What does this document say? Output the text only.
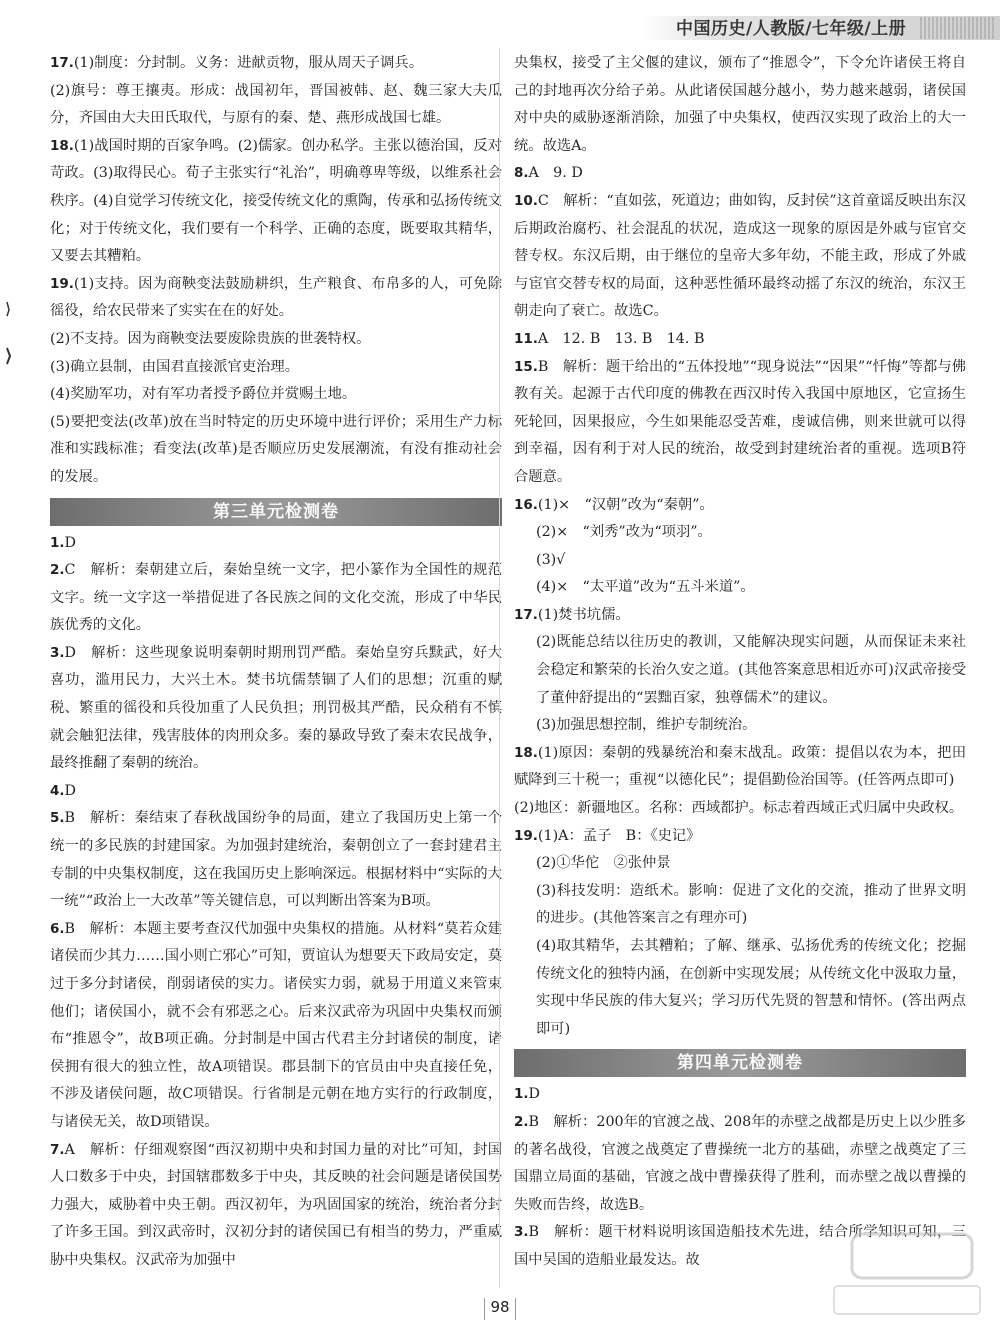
中国历史/人教版/七年级/上册

17.(1)制度：分封制。义务：进献贡物，服从周天子调兵。

(2)旗号：尊王攘夷。形成：战国初年，晋国被韩、赵、魏三家大夫瓜分，齐国由大夫田氏取代，与原有的秦、楚、燕形成战国七雄。

18.(1)战国时期的百家争鸣。(2)儒家。创办私学。主张以德治国，反对苛政。(3)取得民心。荀子主张实行“礼治”，明确尊卑等级，以维系社会秩序。(4)自觉学习传统文化，接受传统文化的熏陶，传承和弘扬传统文化；对于传统文化，我们要有一个科学、正确的态度，既要取其精华，又要去其糟粕。

19.(1)支持。因为商鞅变法鼓励耕织，生产粮食、布帛多的人，可免除徭役，给农民带来了实实在在的好处。

(2)不支持。因为商鞅变法要废除贵族的世袭特权。

(3)确立县制，由国君直接派官吏治理。

(4)奖励军功，对有军功者授予爵位并赏赐土地。

(5)要把变法(改革)放在当时特定的历史环境中进行评价；采用生产力标准和实践标准；看变法(改革)是否顺应历史发展潮流，有没有推动社会的发展。

第三单元检测卷

1.D

2.C　解析：秦朝建立后，秦始皇统一文字，把小篆作为全国性的规范文字。统一文字这一举措促进了各民族之间的文化交流，形成了中华民族优秀的文化。

3.D　解析：这些现象说明秦朝时期刑罚严酷。秦始皇穷兵黩武，好大喜功，滥用民力，大兴土木。焚书坑儒禁锢了人们的思想；沉重的赋税、繁重的徭役和兵役加重了人民负担；刑罚极其严酷，民众稍有不慎就会触犯法律，残害肢体的肉刑众多。秦的暴政导致了秦末农民战争，最终推翻了秦朝的统治。

4.D

5.B　解析：秦结束了春秋战国纷争的局面，建立了我国历史上第一个统一的多民族的封建国家。为加强封建统治，秦朝创立了一套封建君主专制的中央集权制度，这在我国历史上影响深远。根据材料中“实际的大一统”“政治上一大改革”等关键信息，可以判断出答案为B项。

6.B　解析：本题主要考查汉代加强中央集权的措施。从材料“莫若众建诸侯而少其力……国小则亡邪心”可知，贾谊认为想要天下政局安定，莫过于多分封诸侯，削弱诸侯的实力。诸侯实力弱，就易于用道义来管束他们；诸侯国小，就不会有邪恶之心。后来汉武帝为巩固中央集权而颁布“推恩令”，故B项正确。分封制是中国古代君主分封诸侯的制度，诸侯拥有很大的独立性，故A项错误。郡县制下的官员由中央直接任免，不涉及诸侯问题，故C项错误。行省制是元朝在地方实行的行政制度，与诸侯无关，故D项错误。

7.A　解析：仔细观察图“西汉初期中央和封国力量的对比”可知，封国人口数多于中央，封国辖郡数多于中央，其反映的社会问题是诸侯国势力强大，威胁着中央王朝。西汉初年，为巩固国家的统治，统治者分封了许多王国。到汉武帝时，汉初分封的诸侯国已有相当的势力，严重威胁中央集权。汉武帝为加强中

央集权，接受了主父偃的建议，颁布了“推恩令”，下令允许诸侯王将自己的封地再次分给子弟。从此诸侯国越分越小，势力越来越弱，诸侯国对中央的威胁逐渐消除，加强了中央集权，使西汉实现了政治上的大一统。故选A。

8.A　9. D

10.C　解析：“直如弦，死道边；曲如钩，反封侯”这首童谣反映出东汉后期政治腐朽、社会混乱的状况，造成这一现象的原因是外戚与宦官交替专权。东汉后期，由于继位的皇帝大多年幼，不能主政，形成了外戚与宦官交替专权的局面，这种恶性循环最终动摇了东汉的统治，东汉王朝走向了衰亡。故选C。

11.A　12. B　13. B　14. B

15.B　解析：题干给出的“五体投地”“现身说法”“因果”“忏悔”等都与佛教有关。起源于古代印度的佛教在西汉时传入我国中原地区，它宣扬生死轮回，因果报应，今生如果能忍受苦难，虔诚信佛，则来世就可以得到幸福，因有利于对人民的统治，故受到封建统治者的重视。选项B符合题意。

16.(1)×　“汉朝”改为“秦朝”。

(2)×　“刘秀”改为“项羽”。

(3)√

(4)×　“太平道”改为“五斗米道”。

17.(1)焚书坑儒。

(2)既能总结以往历史的教训，又能解决现实问题，从而保证未来社会稳定和繁荣的长治久安之道。(其他答案意思相近亦可)汉武帝接受了董仲舒提出的“罢黜百家，独尊儒术”的建议。

(3)加强思想控制，维护专制统治。

18.(1)原因：秦朝的残暴统治和秦末战乱。政策：提倡以农为本，把田赋降到三十税一；重视“以德化民”；提倡勤俭治国等。(任答两点即可)

(2)地区：新疆地区。名称：西域都护。标志着西域正式归属中央政权。

19.(1)A：孟子　B：《史记》

(2)①华佗　②张仲景

(3)科技发明：造纸术。影响：促进了文化的交流，推动了世界文明的进步。(其他答案言之有理亦可)

(4)取其精华，去其糟粕；了解、继承、弘扬优秀的传统文化；挖掘传统文化的独特内涵，在创新中实现发展；从传统文化中汲取力量，实现中华民族的伟大复兴；学习历代先贤的智慧和情怀。(答出两点即可)

第四单元检测卷

1.D

2.B　解析：200年的官渡之战、208年的赤壁之战都是历史上以少胜多的著名战役，官渡之战奠定了曹操统一北方的基础，赤壁之战奠定了三国鼎立局面的基础，官渡之战中曹操获得了胜利，而赤壁之战以曹操的失败而告终，故选B。

3.B　解析：题干材料说明该国造船技术先进，结合所学知识可知，三国中吴国的造船业最发达。故

98
